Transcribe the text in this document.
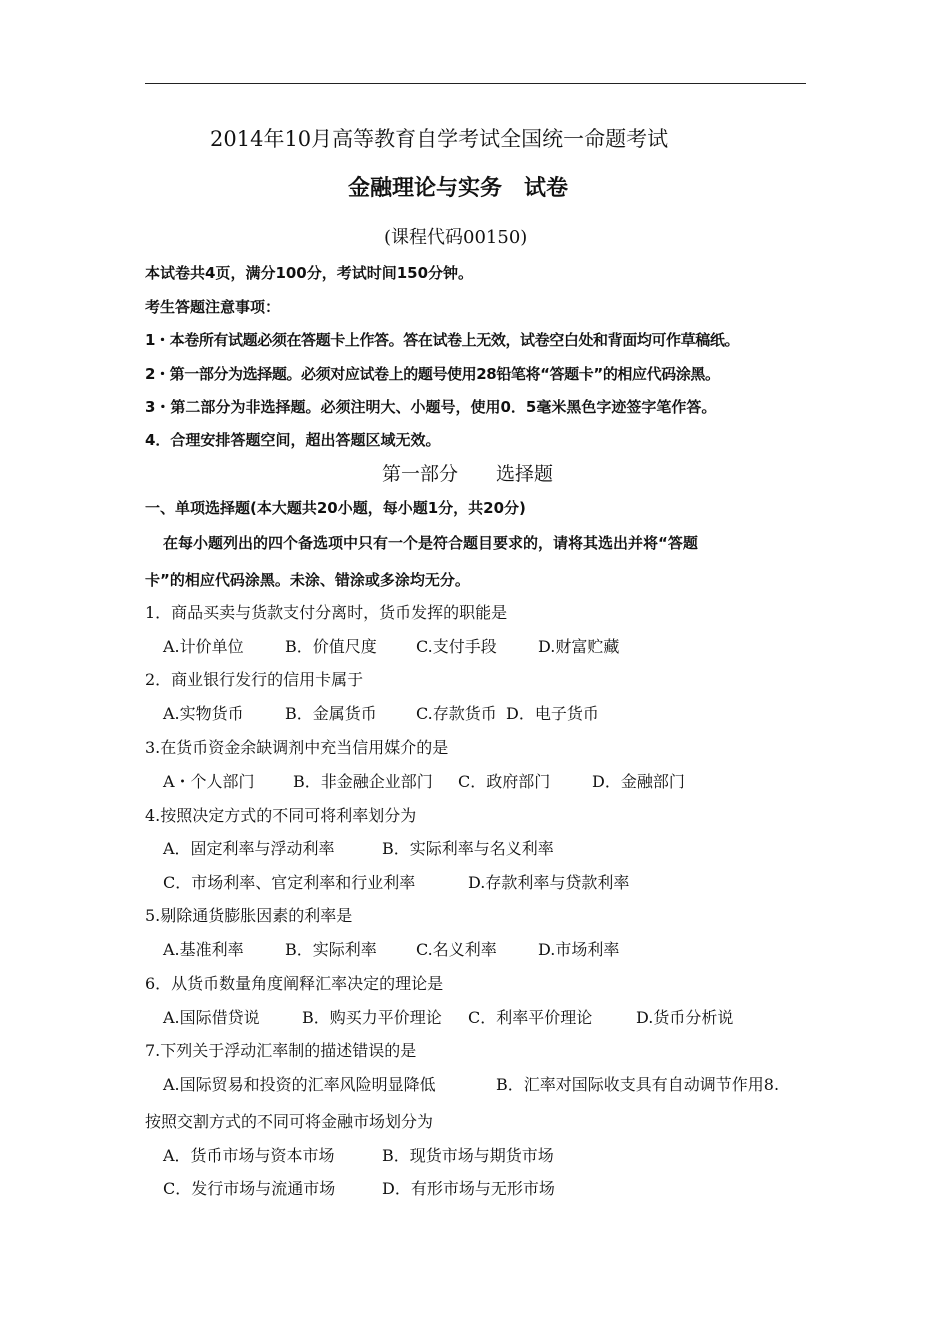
2014年10月高等教育自学考试全国统一命题考试
金融理论与实务　试卷
(课程代码00150)
本试卷共4页，满分100分，考试时间150分钟。
考生答题注意事项：
1・本卷所有试题必须在答题卡上作答。答在试卷上无效，试卷空白处和背面均可作草稿纸。
2・第一部分为选择题。必须对应试卷上的题号使用28铅笔将“答题卡”的相应代码涂黑。
3・第二部分为非选择题。必须注明大、小题号，使用0．5毫米黑色字迹签字笔作答。
4．合理安排答题空间，超出答题区域无效。
第一部分　　选择题
一、单项选择题(本大题共20小题，每小题1分，共20分)
在每小题列出的四个备选项中只有一个是符合题目要求的，请将其选出并将“答题
卡”的相应代码涂黑。未涂、错涂或多涂均无分。
1．商品买卖与货款支付分离时，货币发挥的职能是
A.计价单位	B．价值尺度 C.支付手段	D.财富贮藏
2．商业银行发行的信用卡属于
A.实物货币	B．金属货币 C.存款货币 D．电子货币
3.在货币资金余缺调剂中充当信用媒介的是
A・个人部门 B．非金融企业部门 C．政府部门	D．金融部门
4.按照决定方式的不同可将利率划分为
A．固定利率与浮动利率	B．实际利率与名义利率
C．市场利率、官定利率和行业利率	D.存款利率与贷款利率
5.剔除通货膨胀因素的利率是
A.基准利率	B．实际利率 C.名义利率	D.市场利率
6．从货币数量角度阐释汇率决定的理论是
A.国际借贷说	B．购买力平价理论 C．利率平价理论	D.货币分析说
7.下列关于浮动汇率制的描述错误的是
A.国际贸易和投资的汇率风险明显降低	B．汇率对国际收支具有自动调节作用8.
按照交割方式的不同可将金融市场划分为
A．货币市场与资本市场	B．现货市场与期货市场
C．发行市场与流通市场	D．有形市场与无形市场
